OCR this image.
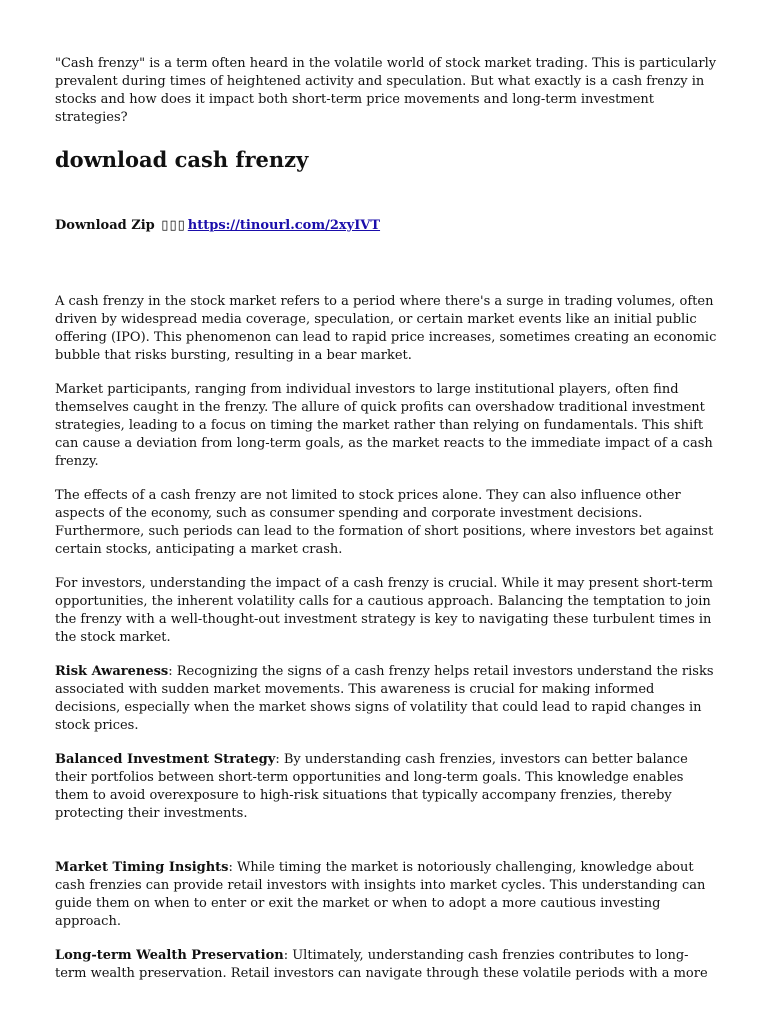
"Cash frenzy" is a term often heard in the volatile world of stock market trading. This is particularly prevalent during times of heightened activity and speculation. But what exactly is a cash frenzy in stocks and how does it impact both short-term price movements and long-term investment strategies?

download cash frenzy

Download Zip ▯▯▯ https://tinourl.com/2xyIVT

A cash frenzy in the stock market refers to a period where there's a surge in trading volumes, often driven by widespread media coverage, speculation, or certain market events like an initial public offering (IPO). This phenomenon can lead to rapid price increases, sometimes creating an economic bubble that risks bursting, resulting in a bear market.

Market participants, ranging from individual investors to large institutional players, often find themselves caught in the frenzy. The allure of quick profits can overshadow traditional investment strategies, leading to a focus on timing the market rather than relying on fundamentals. This shift can cause a deviation from long-term goals, as the market reacts to the immediate impact of a cash frenzy.

The effects of a cash frenzy are not limited to stock prices alone. They can also influence other aspects of the economy, such as consumer spending and corporate investment decisions. Furthermore, such periods can lead to the formation of short positions, where investors bet against certain stocks, anticipating a market crash.

For investors, understanding the impact of a cash frenzy is crucial. While it may present short-term opportunities, the inherent volatility calls for a cautious approach. Balancing the temptation to join the frenzy with a well-thought-out investment strategy is key to navigating these turbulent times in the stock market.

Risk Awareness: Recognizing the signs of a cash frenzy helps retail investors understand the risks associated with sudden market movements. This awareness is crucial for making informed decisions, especially when the market shows signs of volatility that could lead to rapid changes in stock prices.

Balanced Investment Strategy: By understanding cash frenzies, investors can better balance their portfolios between short-term opportunities and long-term goals. This knowledge enables them to avoid overexposure to high-risk situations that typically accompany frenzies, thereby protecting their investments.

Market Timing Insights: While timing the market is notoriously challenging, knowledge about cash frenzies can provide retail investors with insights into market cycles. This understanding can guide them on when to enter or exit the market or when to adopt a more cautious investing approach.

Long-term Wealth Preservation: Ultimately, understanding cash frenzies contributes to long-term wealth preservation. Retail investors can navigate through these volatile periods with a more
